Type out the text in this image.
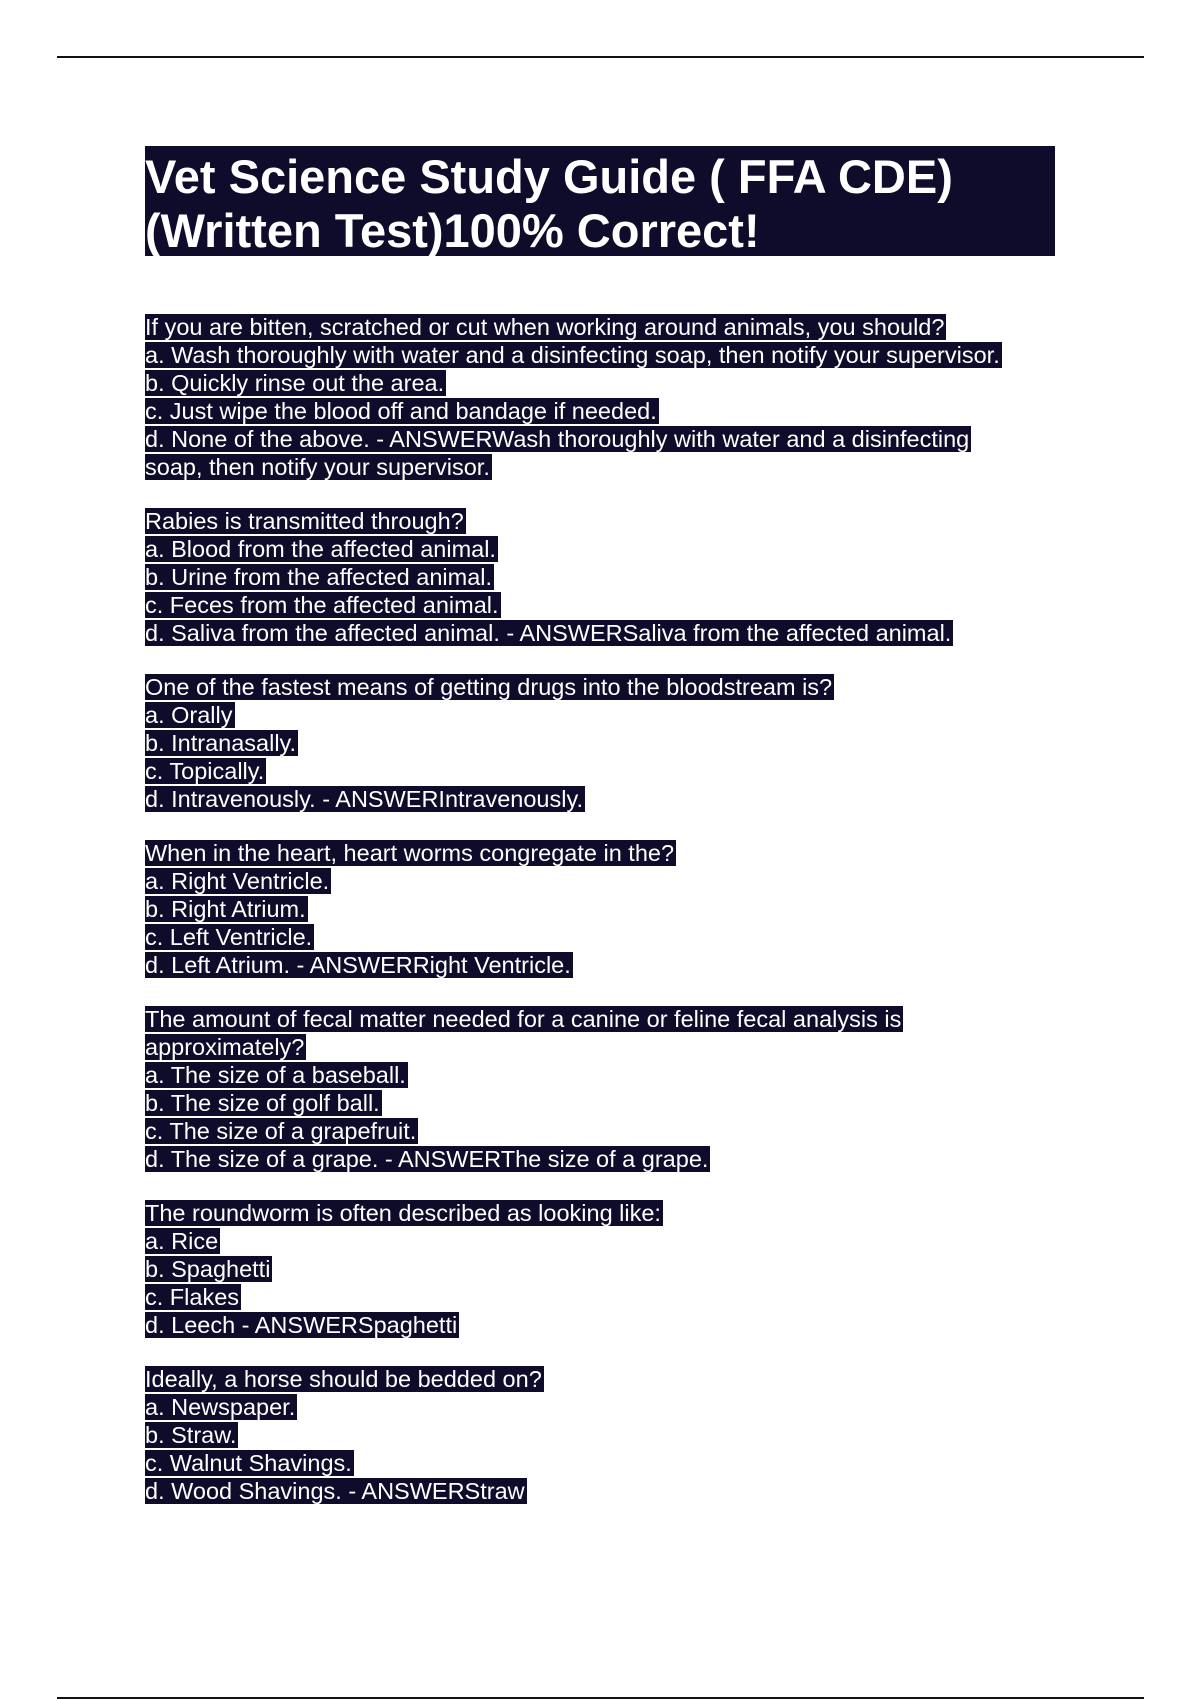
Vet Science Study Guide ( FFA CDE)
(Written Test)100% Correct!
If you are bitten, scratched or cut when working around animals, you should?
a. Wash thoroughly with water and a disinfecting soap, then notify your supervisor.
b. Quickly rinse out the area.
c. Just wipe the blood off and bandage if needed.
d. None of the above. - ANSWERWash thoroughly with water and a disinfecting
soap, then notify your supervisor.
Rabies is transmitted through?
a. Blood from the affected animal.
b. Urine from the affected animal.
c. Feces from the affected animal.
d. Saliva from the affected animal. - ANSWERSaliva from the affected animal.
One of the fastest means of getting drugs into the bloodstream is?
a. Orally
b. Intranasally.
c. Topically.
d. Intravenously. - ANSWERIntravenously.
When in the heart, heart worms congregate in the?
a. Right Ventricle.
b. Right Atrium.
c. Left Ventricle.
d. Left Atrium. - ANSWERRight Ventricle.
The amount of fecal matter needed for a canine or feline fecal analysis is
approximately?
a. The size of a baseball.
b. The size of golf ball.
c. The size of a grapefruit.
d. The size of a grape. - ANSWERThe size of a grape.
The roundworm is often described as looking like:
a. Rice
b. Spaghetti
c. Flakes
d. Leech - ANSWERSpaghetti
Ideally, a horse should be bedded on?
a. Newspaper.
b. Straw.
c. Walnut Shavings.
d. Wood Shavings. - ANSWERStraw
